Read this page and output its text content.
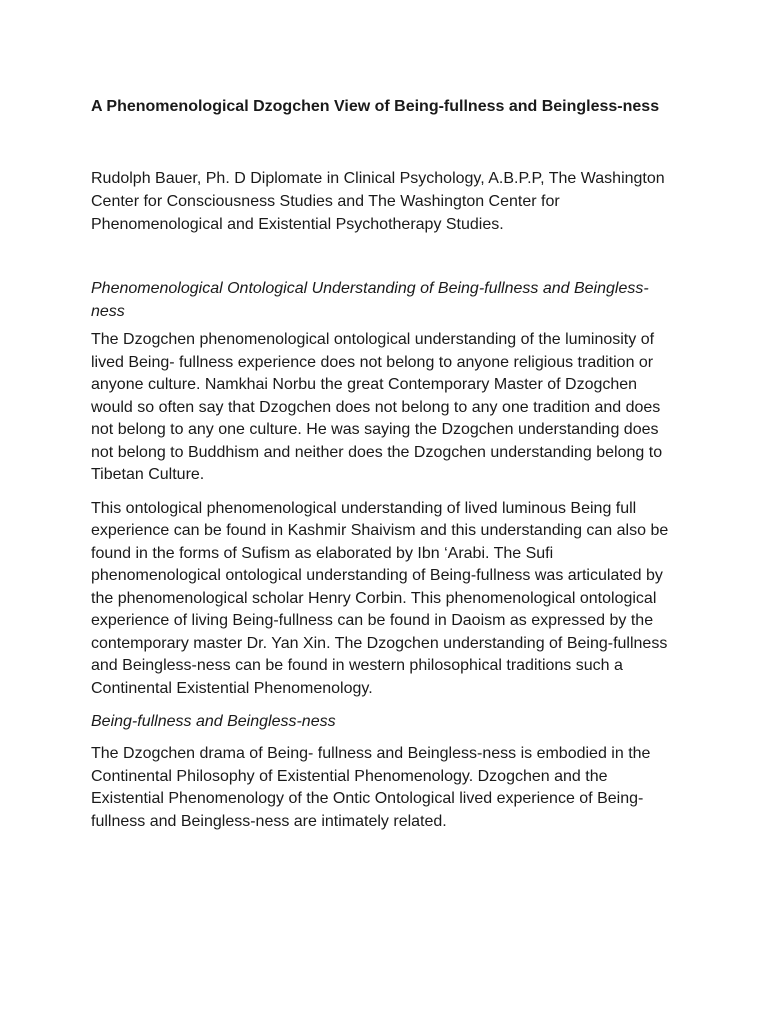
A Phenomenological Dzogchen View of Being-fullness and Beingless-ness

Rudolph Bauer, Ph. D Diplomate in Clinical Psychology, A.B.P.P, The Washington Center for Consciousness Studies and The Washington Center for Phenomenological and Existential Psychotherapy Studies.

Phenomenological Ontological Understanding of Being-fullness and Beingless-ness

The Dzogchen phenomenological ontological understanding of the luminosity of lived Being- fullness experience does not belong to anyone religious tradition or anyone culture. Namkhai Norbu the great Contemporary Master of Dzogchen would so often say that Dzogchen does not belong to any one tradition and does not belong to any one culture. He was saying the Dzogchen understanding does not belong to Buddhism and neither does the Dzogchen understanding belong to Tibetan Culture.

This ontological phenomenological understanding of lived luminous Being full experience can be found in Kashmir Shaivism and this understanding can also be found in the forms of Sufism as elaborated by Ibn ‘Arabi. The Sufi phenomenological ontological understanding of Being-fullness was articulated by the phenomenological scholar Henry Corbin. This phenomenological ontological experience of living Being-fullness can be found in Daoism as expressed by the contemporary master Dr. Yan Xin. The Dzogchen understanding of Being-fullness and Beingless-ness can be found in western philosophical traditions such a Continental Existential Phenomenology.

Being-fullness and Beingless-ness

The Dzogchen drama of Being- fullness and Beingless-ness is embodied in the Continental Philosophy of Existential Phenomenology. Dzogchen and the Existential Phenomenology of the Ontic Ontological lived experience of Being- fullness and Beingless-ness are intimately related.
